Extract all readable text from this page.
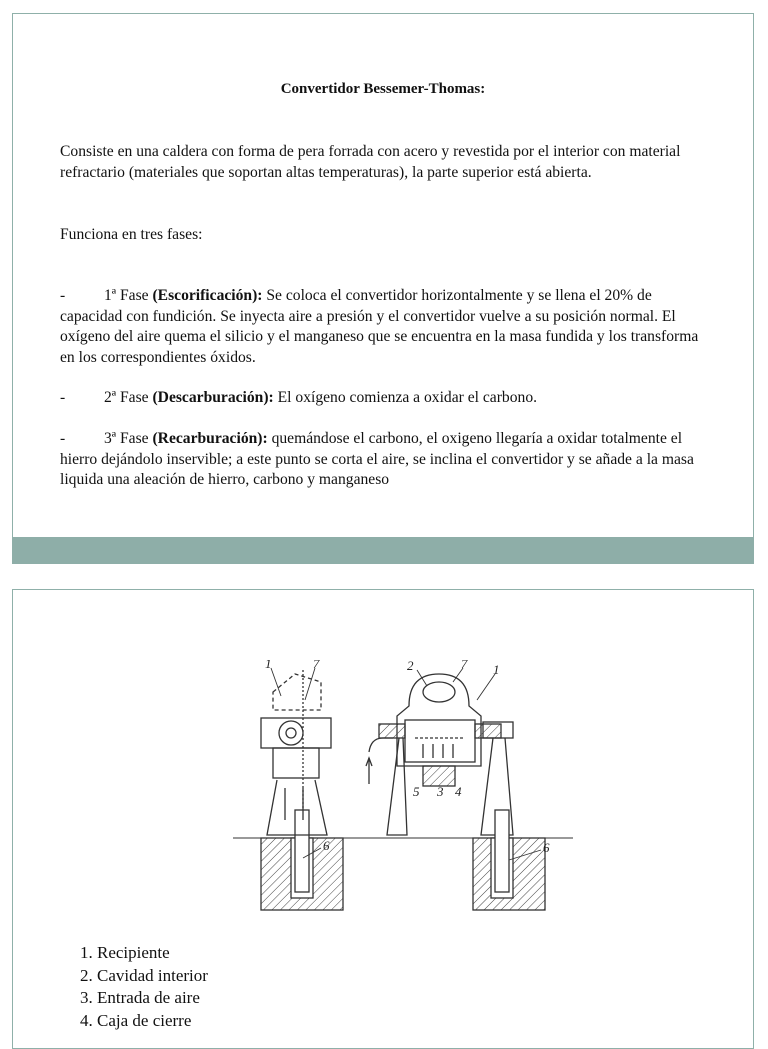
Convertidor Bessemer-Thomas:
Consiste en una caldera con forma de pera forrada con acero y revestida por el interior con material refractario (materiales que soportan altas temperaturas), la parte superior está abierta.
Funciona en tres fases:
- 1ª Fase (Escorificación): Se coloca el convertidor horizontalmente y se llena el 20% de capacidad con fundición. Se inyecta aire a presión y el convertidor vuelve a su posición normal. El oxígeno del aire quema el silicio y el manganeso que se encuentra en la masa fundida y los transforma en los correspondientes óxidos.
- 2ª Fase (Descarburación): El oxígeno comienza a oxidar el carbono.
- 3ª Fase (Recarburación): quemándose el carbono, el oxigeno llegaría a oxidar totalmente el hierro dejándolo inservible; a este punto se corta el aire, se inclina el convertidor y se añade a la masa liquida una aleación de hierro, carbono y manganeso
1	7	2	7 1
5 3 4
6	6
1. Recipiente
2. Cavidad interior
3. Entrada de aire
4. Caja de cierre
